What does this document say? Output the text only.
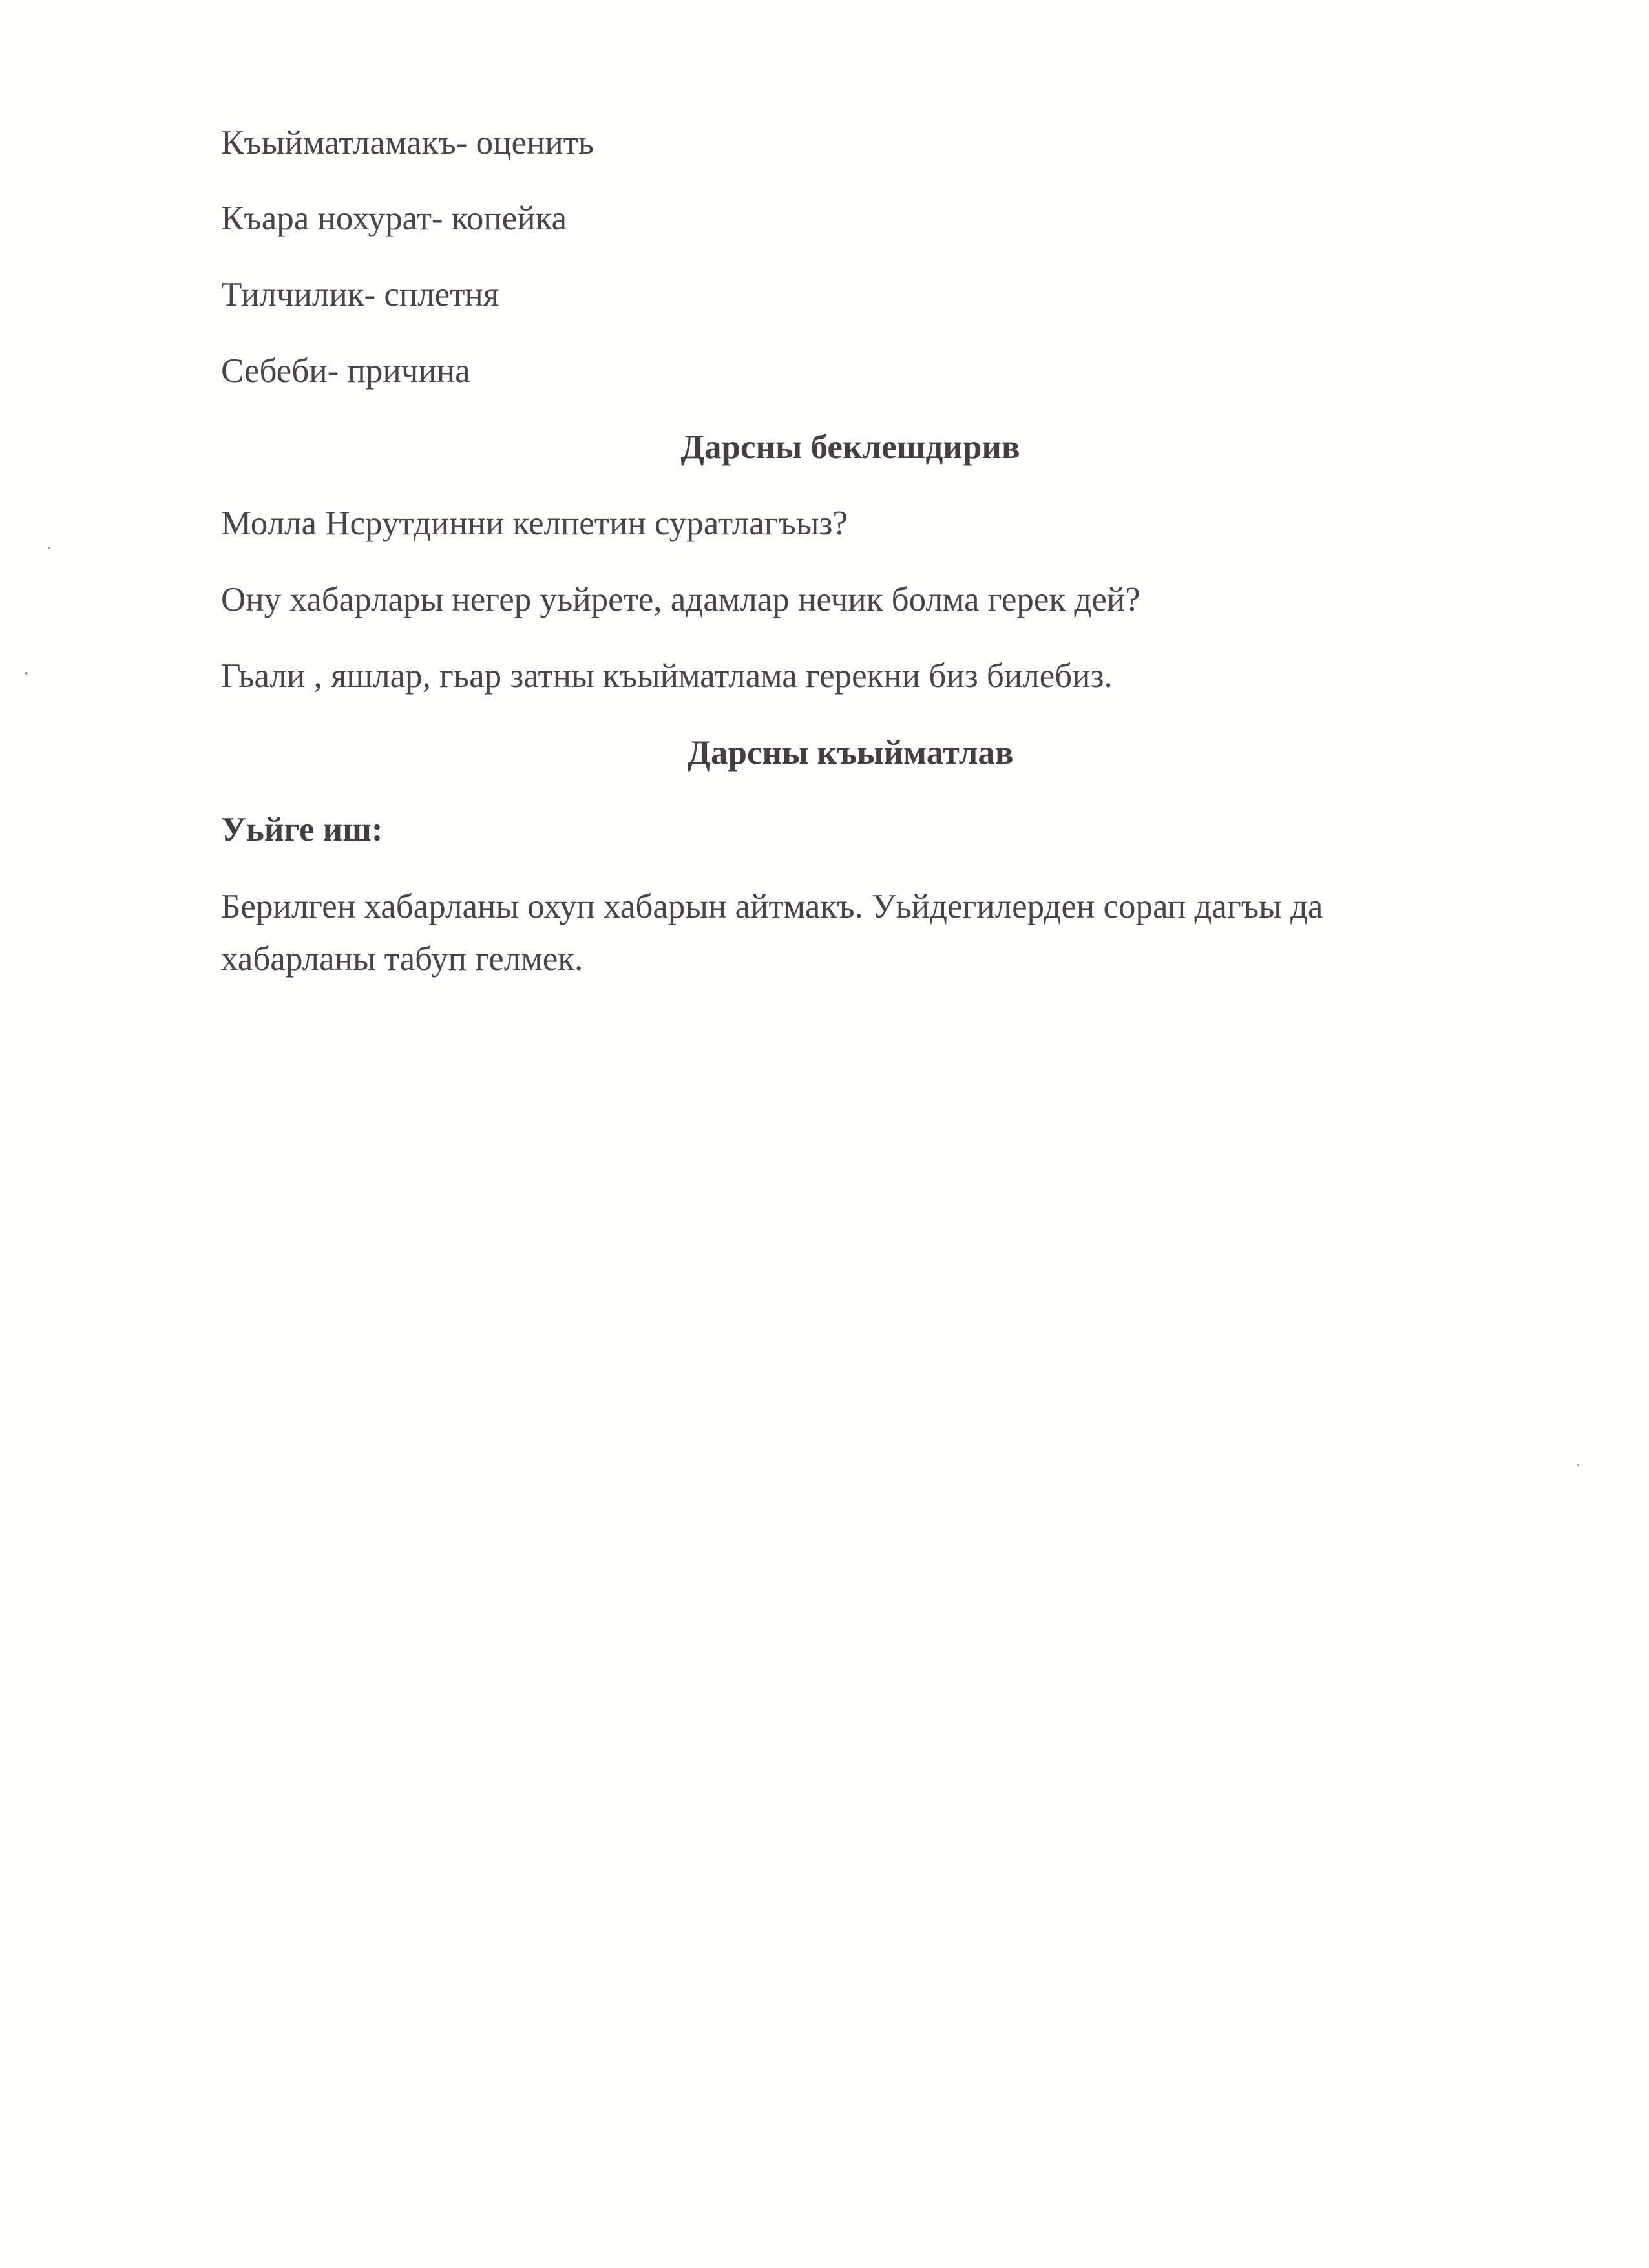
Къыйматламакъ- оценить
Къара нохурат- копейка
Тилчилик- сплетня
Себеби- причина
Дарсны беклешдирив
Молла Нсрутдинни келпетин суратлагъыз?
Ону хабарлары негер уьйрете, адамлар нечик болма герек дей?
Гьали , яшлар, гьар затны къыйматлама герекни биз билебиз.
Дарсны къыйматлав
Уьйге иш:
Берилген хабарланы охуп хабарын айтмакъ. Уьйдегилерден сорап дагъы да
хабарланы табуп гелмек.
